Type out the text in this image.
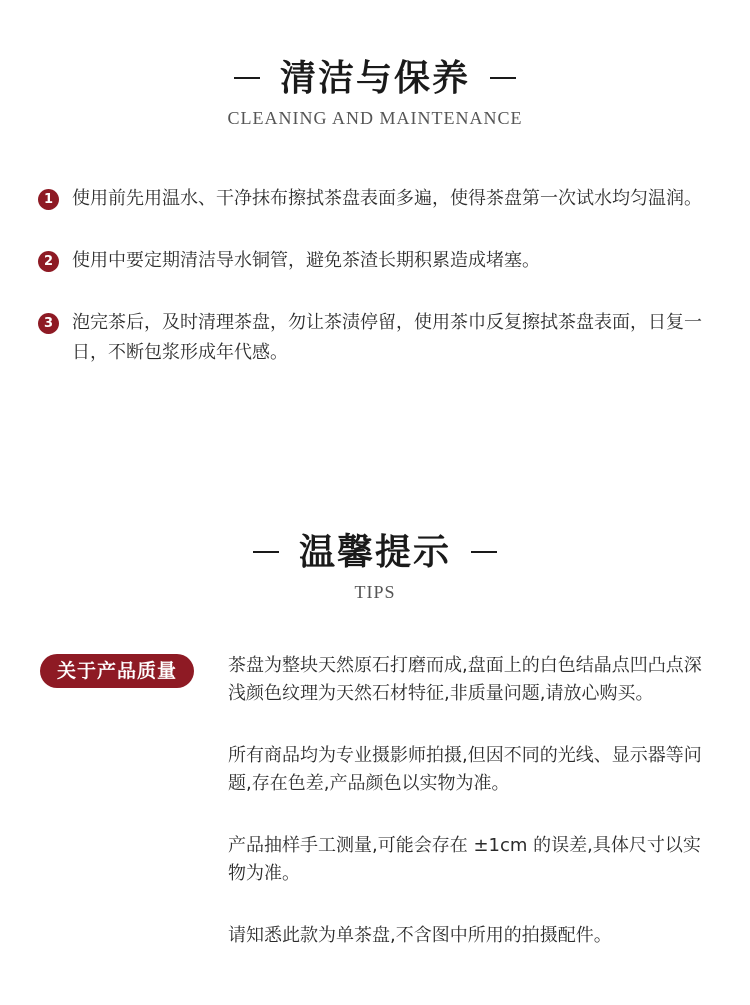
清洁与保养
CLEANING AND MAINTENANCE
1	使用前先用温水、干净抹布擦拭茶盘表面多遍，使得茶盘第一次试水均匀温润。
2	使用中要定期清洁导水铜管，避免茶渣长期积累造成堵塞。
3	泡完茶后，及时清理茶盘，勿让茶渍停留，使用茶巾反复擦拭茶盘表面，日复一日，不断包浆形成年代感。
温馨提示
TIPS
关于产品质量	茶盘为整块天然原石打磨而成,盘面上的白色结晶点凹凸点深浅颜色纹理为天然石材特征,非质量问题,请放心购买。
所有商品均为专业摄影师拍摄,但因不同的光线、显示器等问题,存在色差,产品颜色以实物为准。
产品抽样手工测量,可能会存在 ±1cm 的误差,具体尺寸以实物为准。
请知悉此款为单茶盘,不含图中所用的拍摄配件。
